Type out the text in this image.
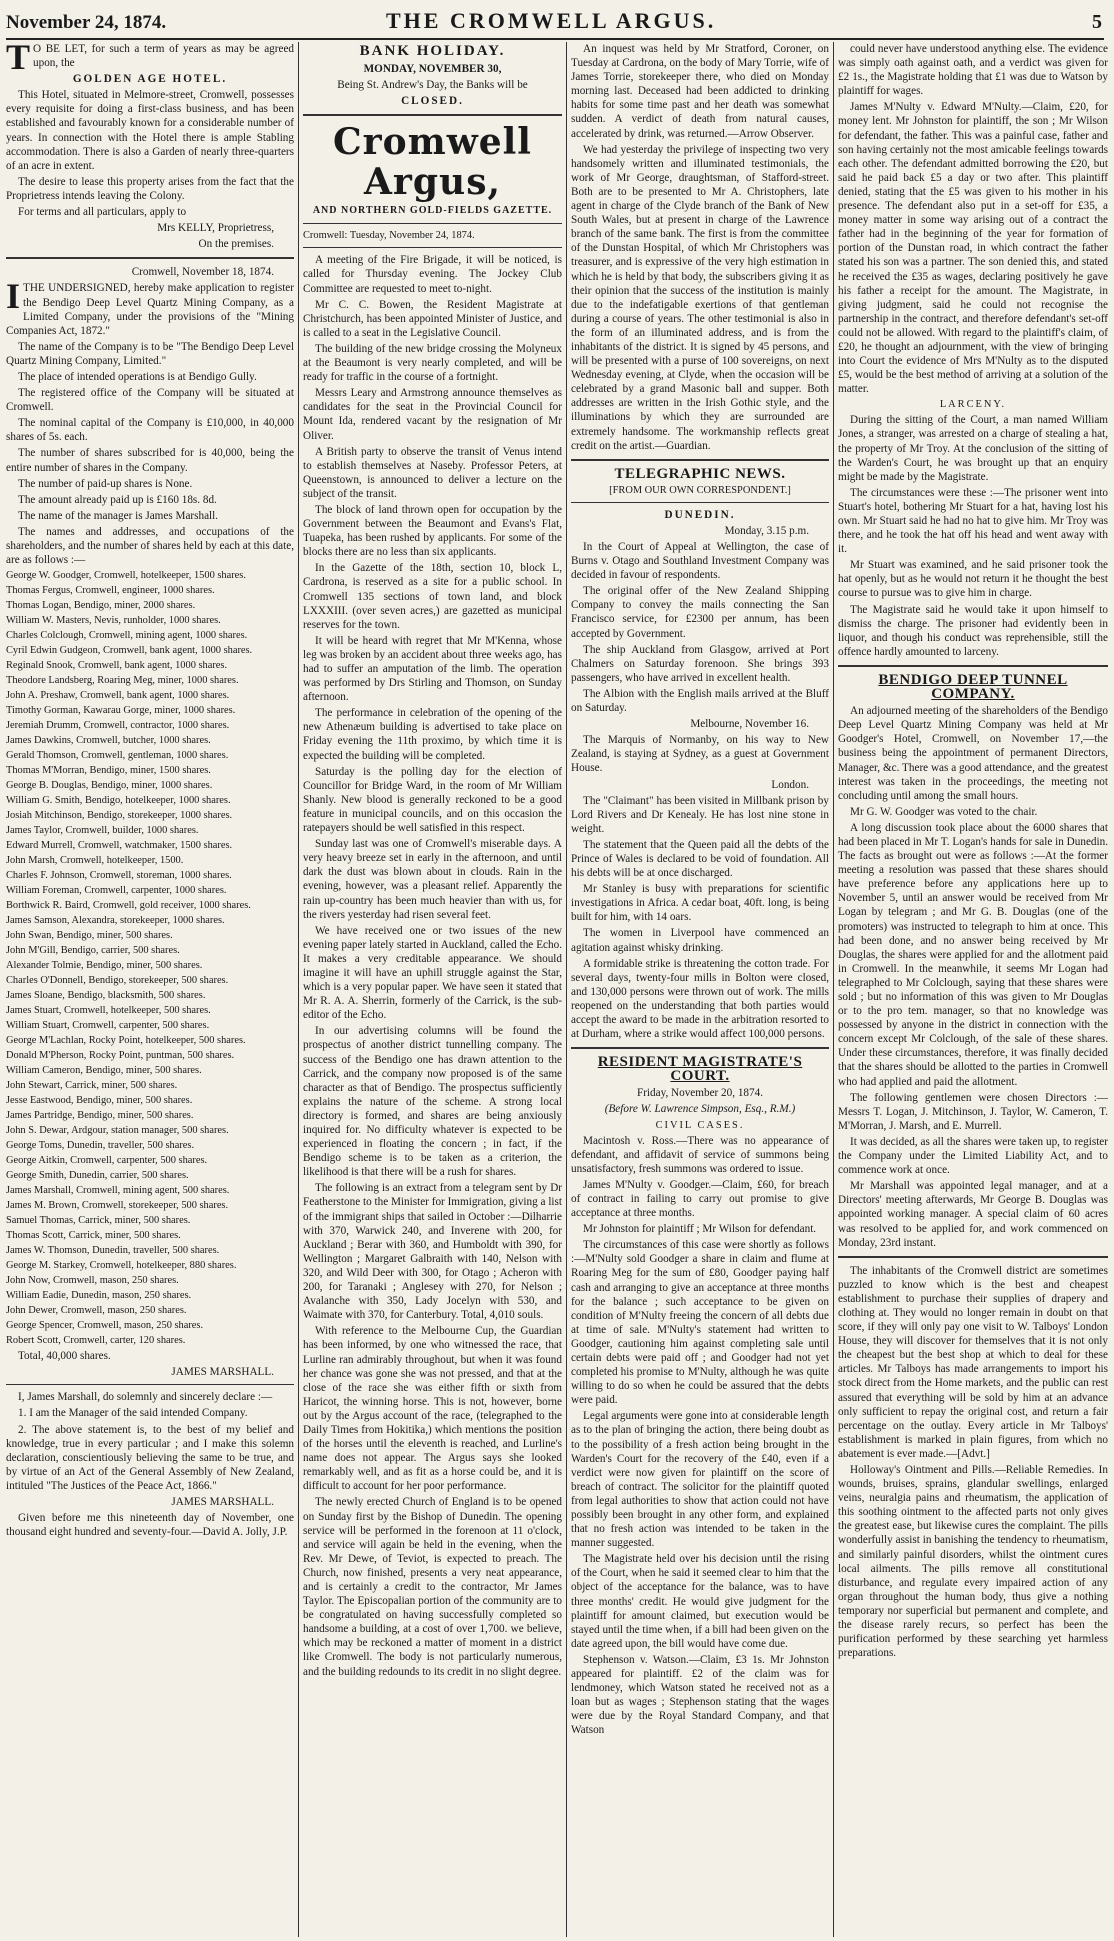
November 24, 1874.	THE CROMWELL ARGUS.	5

T O BE LET, for such a term of years as may be agreed upon, the

GOLDEN AGE HOTEL.

This Hotel, situated in Melmore-street, Cromwell, possesses every requisite for doing a first-class business, and has been established and favourably known for a considerable number of years. In connection with the Hotel there is ample Stabling accommodation. There is also a Garden of nearly three-quarters of an acre in extent.

The desire to lease this property arises from the fact that the Proprietress intends leaving the Colony.

For terms and all particulars, apply to

Mrs KELLY, Proprietress,

On the premises.

Cromwell, November 18, 1874.

ITHE UNDERSIGNED, hereby make application to register the Bendigo Deep Level Quartz Mining Company, as a Limited Company, under the provisions of the "Mining Companies Act, 1872."

The name of the Company is to be "The Bendigo Deep Level Quartz Mining Company, Limited."

The place of intended operations is at Bendigo Gully.

The registered office of the Company will be situated at Cromwell.

The nominal capital of the Company is £10,000, in 40,000 shares of 5s. each.

The number of shares subscribed for is 40,000, being the entire number of shares in the Company.

The number of paid-up shares is None.

The amount already paid up is £160 18s. 8d.

The name of the manager is James Marshall.

The names and addresses, and occupations of the shareholders, and the number of shares held by each at this date, are as follows :—

George W. Goodger, Cromwell, hotelkeeper, 1500 shares.

Thomas Fergus, Cromwell, engineer, 1000 shares.

Thomas Logan, Bendigo, miner, 2000 shares.

William W. Masters, Nevis, runholder, 1000 shares.

Charles Colclough, Cromwell, mining agent, 1000 shares.

Cyril Edwin Gudgeon, Cromwell, bank agent, 1000 shares.

Reginald Snook, Cromwell, bank agent, 1000 shares.

Theodore Landsberg, Roaring Meg, miner, 1000 shares.

John A. Preshaw, Cromwell, bank agent, 1000 shares.

Timothy Gorman, Kawarau Gorge, miner, 1000 shares.

Jeremiah Drumm, Cromwell, contractor, 1000 shares.

James Dawkins, Cromwell, butcher, 1000 shares.

Gerald Thomson, Cromwell, gentleman, 1000 shares.

Thomas M'Morran, Bendigo, miner, 1500 shares.

George B. Douglas, Bendigo, miner, 1000 shares.

William G. Smith, Bendigo, hotelkeeper, 1000 shares.

Josiah Mitchinson, Bendigo, storekeeper, 1000 shares.

James Taylor, Cromwell, builder, 1000 shares.

Edward Murrell, Cromwell, watchmaker, 1500 shares.

John Marsh, Cromwell, hotelkeeper, 1500.

Charles F. Johnson, Cromwell, storeman, 1000 shares.

William Foreman, Cromwell, carpenter, 1000 shares.

Borthwick R. Baird, Cromwell, gold receiver, 1000 shares.

James Samson, Alexandra, storekeeper, 1000 shares.

John Swan, Bendigo, miner, 500 shares.

John M'Gill, Bendigo, carrier, 500 shares.

Alexander Tolmie, Bendigo, miner, 500 shares.

Charles O'Donnell, Bendigo, storekeeper, 500 shares.

James Sloane, Bendigo, blacksmith, 500 shares.

James Stuart, Cromwell, hotelkeeper, 500 shares.

William Stuart, Cromwell, carpenter, 500 shares.

George M'Lachlan, Rocky Point, hotelkeeper, 500 shares.

Donald M'Pherson, Rocky Point, puntman, 500 shares.

William Cameron, Bendigo, miner, 500 shares.

John Stewart, Carrick, miner, 500 shares.

Jesse Eastwood, Bendigo, miner, 500 shares.

James Partridge, Bendigo, miner, 500 shares.

John S. Dewar, Ardgour, station manager, 500 shares.

George Toms, Dunedin, traveller, 500 shares.

George Aitkin, Cromwell, carpenter, 500 shares.

George Smith, Dunedin, carrier, 500 shares.

James Marshall, Cromwell, mining agent, 500 shares.

James M. Brown, Cromwell, storekeeper, 500 shares.

Samuel Thomas, Carrick, miner, 500 shares.

Thomas Scott, Carrick, miner, 500 shares.

James W. Thomson, Dunedin, traveller, 500 shares.

George M. Starkey, Cromwell, hotelkeeper, 880 shares.

John Now, Cromwell, mason, 250 shares.

William Eadie, Dunedin, mason, 250 shares.

John Dewer, Cromwell, mason, 250 shares.

George Spencer, Cromwell, mason, 250 shares.

Robert Scott, Cromwell, carter, 120 shares.

Total, 40,000 shares.

JAMES MARSHALL.

I, James Marshall, do solemnly and sincerely declare :—

1. I am the Manager of the said intended Company.

2. The above statement is, to the best of my belief and knowledge, true in every particular ; and I make this solemn declaration, conscientiously believing the same to be true, and by virtue of an Act of the General Assembly of New Zealand, intituled "The Justices of the Peace Act, 1866."

JAMES MARSHALL.

Given before me this nineteenth day of November, one thousand eight hundred and seventy-four.—David A. Jolly, J.P.

BANK HOLIDAY.

MONDAY, NOVEMBER 30,

Being St. Andrew's Day, the Banks will be

CLOSED.

Cromwell Argus,
AND NORTHERN GOLD-FIELDS GAZETTE.

Cromwell: Tuesday, November 24, 1874.

A meeting of the Fire Brigade, it will be noticed, is called for Thursday evening. The Jockey Club Committee are requested to meet to-night.

Mr C. C. Bowen, the Resident Magistrate at Christchurch, has been appointed Minister of Justice, and is called to a seat in the Legislative Council.

The building of the new bridge crossing the Molyneux at the Beaumont is very nearly completed, and will be ready for traffic in the course of a fortnight.

Messrs Leary and Armstrong announce themselves as candidates for the seat in the Provincial Council for Mount Ida, rendered vacant by the resignation of Mr Oliver.

A British party to observe the transit of Venus intend to establish themselves at Naseby. Professor Peters, at Queenstown, is announced to deliver a lecture on the subject of the transit.

The block of land thrown open for occupation by the Government between the Beaumont and Evans's Flat, Tuapeka, has been rushed by applicants. For some of the blocks there are no less than six applicants.

In the Gazette of the 18th, section 10, block L, Cardrona, is reserved as a site for a public school. In Cromwell 135 sections of town land, and block LXXXIII. (over seven acres,) are gazetted as municipal reserves for the town.

It will be heard with regret that Mr M'Kenna, whose leg was broken by an accident about three weeks ago, has had to suffer an amputation of the limb. The operation was performed by Drs Stirling and Thomson, on Sunday afternoon.

The performance in celebration of the opening of the new Athenæum building is advertised to take place on Friday evening the 11th proximo, by which time it is expected the building will be completed.

Saturday is the polling day for the election of Councillor for Bridge Ward, in the room of Mr William Shanly. New blood is generally reckoned to be a good feature in municipal councils, and on this occasion the ratepayers should be well satisfied in this respect.

Sunday last was one of Cromwell's miserable days. A very heavy breeze set in early in the afternoon, and until dark the dust was blown about in clouds. Rain in the evening, however, was a pleasant relief. Apparently the rain up-country has been much heavier than with us, for the rivers yesterday had risen several feet.

We have received one or two issues of the new evening paper lately started in Auckland, called the Echo. It makes a very creditable appearance. We should imagine it will have an uphill struggle against the Star, which is a very popular paper. We have seen it stated that Mr R. A. A. Sherrin, formerly of the Carrick, is the sub-editor of the Echo.

In our advertising columns will be found the prospectus of another district tunnelling company. The success of the Bendigo one has drawn attention to the Carrick, and the company now proposed is of the same character as that of Bendigo. The prospectus sufficiently explains the nature of the scheme. A strong local directory is formed, and shares are being anxiously inquired for. No difficulty whatever is expected to be experienced in floating the concern ; in fact, if the Bendigo scheme is to be taken as a criterion, the likelihood is that there will be a rush for shares.

The following is an extract from a telegram sent by Dr Featherstone to the Minister for Immigration, giving a list of the immigrant ships that sailed in October :—Dilharrie with 370, Warwick 240, and Inverene with 200, for Auckland ; Berar with 360, and Humboldt with 390, for Wellington ; Margaret Galbraith with 140, Nelson with 320, and Wild Deer with 300, for Otago ; Acheron with 200, for Taranaki ; Anglesey with 270, for Nelson ; Avalanche with 350, Lady Jocelyn with 530, and Waimate with 370, for Canterbury. Total, 4,010 souls.

With reference to the Melbourne Cup, the Guardian has been informed, by one who witnessed the race, that Lurline ran admirably throughout, but when it was found her chance was gone she was not pressed, and that at the close of the race she was either fifth or sixth from Haricot, the winning horse. This is not, however, borne out by the Argus account of the race, (telegraphed to the Daily Times from Hokitika,) which mentions the position of the horses until the eleventh is reached, and Lurline's name does not appear. The Argus says she looked remarkably well, and as fit as a horse could be, and it is difficult to account for her poor performance.

The newly erected Church of England is to be opened on Sunday first by the Bishop of Dunedin. The opening service will be performed in the forenoon at 11 o'clock, and service will again be held in the evening, when the Rev. Mr Dewe, of Teviot, is expected to preach. The Church, now finished, presents a very neat appearance, and is certainly a credit to the contractor, Mr James Taylor. The Episcopalian portion of the community are to be congratulated on having successfully completed so handsome a building, at a cost of over 1,700. we believe, which may be reckoned a matter of moment in a district like Cromwell. The body is not particularly numerous, and the building redounds to its credit in no slight degree.

An inquest was held by Mr Stratford, Coroner, on Tuesday at Cardrona, on the body of Mary Torrie, wife of James Torrie, storekeeper there, who died on Monday morning last. Deceased had been addicted to drinking habits for some time past and her death was somewhat sudden. A verdict of death from natural causes, accelerated by drink, was returned.—Arrow Observer.

We had yesterday the privilege of inspecting two very handsomely written and illuminated testimonials, the work of Mr George, draughtsman, of Stafford-street. Both are to be presented to Mr A. Christophers, late agent in charge of the Clyde branch of the Bank of New South Wales, but at present in charge of the Lawrence branch of the same bank. The first is from the committee of the Dunstan Hospital, of which Mr Christophers was treasurer, and is expressive of the very high estimation in which he is held by that body, the subscribers giving it as their opinion that the success of the institution is mainly due to the indefatigable exertions of that gentleman during a course of years. The other testimonial is also in the form of an illuminated address, and is from the inhabitants of the district. It is signed by 45 persons, and will be presented with a purse of 100 sovereigns, on next Wednesday evening, at Clyde, when the occasion will be celebrated by a grand Masonic ball and supper. Both addresses are written in the Irish Gothic style, and the illuminations by which they are surrounded are extremely handsome. The workmanship reflects great credit on the artist.—Guardian.

TELEGRAPHIC NEWS.

[FROM OUR OWN CORRESPONDENT.]

DUNEDIN.

Monday, 3.15 p.m.

In the Court of Appeal at Wellington, the case of Burns v. Otago and Southland Investment Company was decided in favour of respondents.

The original offer of the New Zealand Shipping Company to convey the mails connecting the San Francisco service, for £2300 per annum, has been accepted by Government.

The ship Auckland from Glasgow, arrived at Port Chalmers on Saturday forenoon. She brings 393 passengers, who have arrived in excellent health.

The Albion with the English mails arrived at the Bluff on Saturday.

Melbourne, November 16.

The Marquis of Normanby, on his way to New Zealand, is staying at Sydney, as a guest at Government House.

London.

The "Claimant" has been visited in Millbank prison by Lord Rivers and Dr Kenealy. He has lost nine stone in weight.

The statement that the Queen paid all the debts of the Prince of Wales is declared to be void of foundation. All his debts will be at once discharged.

Mr Stanley is busy with preparations for scientific investigations in Africa. A cedar boat, 40ft. long, is being built for him, with 14 oars.

The women in Liverpool have commenced an agitation against whisky drinking.

A formidable strike is threatening the cotton trade. For several days, twenty-four mills in Bolton were closed, and 130,000 persons were thrown out of work. The mills reopened on the understanding that both parties would accept the award to be made in the arbitration resorted to at Durham, where a strike would affect 100,000 persons.

RESIDENT MAGISTRATE'S COURT.

Friday, November 20, 1874.

(Before W. Lawrence Simpson, Esq., R.M.)

CIVIL CASES.

Macintosh v. Ross.—There was no appearance of defendant, and affidavit of service of summons being unsatisfactory, fresh summons was ordered to issue.

James M'Nulty v. Goodger.—Claim, £60, for breach of contract in failing to carry out promise to give acceptance at three months.

Mr Johnston for plaintiff ; Mr Wilson for defendant.

The circumstances of this case were shortly as follows :—M'Nulty sold Goodger a share in claim and flume at Roaring Meg for the sum of £80, Goodger paying half cash and arranging to give an acceptance at three months for the balance ; such acceptance to be given on condition of M'Nulty freeing the concern of all debts due at time of sale. M'Nulty's statement had written to Goodger, cautioning him against completing sale until certain debts were paid off ; and Goodger had not yet completed his promise to M'Nulty, although he was quite willing to do so when he could be assured that the debts were paid.

Legal arguments were gone into at considerable length as to the plan of bringing the action, there being doubt as to the possibility of a fresh action being brought in the Warden's Court for the recovery of the £40, even if a verdict were now given for plaintiff on the score of breach of contract. The solicitor for the plaintiff quoted from legal authorities to show that action could not have possibly been brought in any other form, and explained that no fresh action was intended to be taken in the manner suggested.

The Magistrate held over his decision until the rising of the Court, when he said it seemed clear to him that the object of the acceptance for the balance, was to have three months' credit. He would give judgment for the plaintiff for amount claimed, but execution would be stayed until the time when, if a bill had been given on the date agreed upon, the bill would have come due.

Stephenson v. Watson.—Claim, £3 1s. Mr Johnston appeared for plaintiff. £2 of the claim was for lendmoney, which Watson stated he received not as a loan but as wages ; Stephenson stating that the wages were due by the Royal Standard Company, and that Watson

could never have understood anything else. The evidence was simply oath against oath, and a verdict was given for £2 1s., the Magistrate holding that £1 was due to Watson by plaintiff for wages.

James M'Nulty v. Edward M'Nulty.—Claim, £20, for money lent. Mr Johnston for plaintiff, the son ; Mr Wilson for defendant, the father. This was a painful case, father and son having certainly not the most amicable feelings towards each other. The defendant admitted borrowing the £20, but said he paid back £5 a day or two after. This plaintiff denied, stating that the £5 was given to his mother in his presence. The defendant also put in a set-off for £35, a money matter in some way arising out of a contract the father had in the beginning of the year for formation of portion of the Dunstan road, in which contract the father stated his son was a partner. The son denied this, and stated he received the £35 as wages, declaring positively he gave his father a receipt for the amount. The Magistrate, in giving judgment, said he could not recognise the partnership in the contract, and therefore defendant's set-off could not be allowed. With regard to the plaintiff's claim, of £20, he thought an adjournment, with the view of bringing into Court the evidence of Mrs M'Nulty as to the disputed £5, would be the best method of arriving at a solution of the matter.

LARCENY.

During the sitting of the Court, a man named William Jones, a stranger, was arrested on a charge of stealing a hat, the property of Mr Troy. At the conclusion of the sitting of the Warden's Court, he was brought up that an enquiry might be made by the Magistrate.

The circumstances were these :—The prisoner went into Stuart's hotel, bothering Mr Stuart for a hat, having lost his own. Mr Stuart said he had no hat to give him. Mr Troy was there, and he took the hat off his head and went away with it.

Mr Stuart was examined, and he said prisoner took the hat openly, but as he would not return it he thought the best course to pursue was to give him in charge.

The Magistrate said he would take it upon himself to dismiss the charge. The prisoner had evidently been in liquor, and though his conduct was reprehensible, still the offence hardly amounted to larceny.

BENDIGO DEEP TUNNEL COMPANY.

An adjourned meeting of the shareholders of the Bendigo Deep Level Quartz Mining Company was held at Mr Goodger's Hotel, Cromwell, on November 17,—the business being the appointment of permanent Directors, Manager, &c. There was a good attendance, and the greatest interest was taken in the proceedings, the meeting not concluding until among the small hours.

Mr G. W. Goodger was voted to the chair.

A long discussion took place about the 6000 shares that had been placed in Mr T. Logan's hands for sale in Dunedin. The facts as brought out were as follows :—At the former meeting a resolution was passed that these shares should have preference before any applications here up to November 5, until an answer would be received from Mr Logan by telegram ; and Mr G. B. Douglas (one of the promoters) was instructed to telegraph to him at once. This had been done, and no answer being received by Mr Douglas, the shares were applied for and the allotment paid in Cromwell. In the meanwhile, it seems Mr Logan had telegraphed to Mr Colclough, saying that these shares were sold ; but no information of this was given to Mr Douglas or to the pro tem. manager, so that no knowledge was possessed by anyone in the district in connection with the concern except Mr Colclough, of the sale of these shares. Under these circumstances, therefore, it was finally decided that the shares should be allotted to the parties in Cromwell who had applied and paid the allotment.

The following gentlemen were chosen Directors :—Messrs T. Logan, J. Mitchinson, J. Taylor, W. Cameron, T. M'Morran, J. Marsh, and E. Murrell.

It was decided, as all the shares were taken up, to register the Company under the Limited Liability Act, and to commence work at once.

Mr Marshall was appointed legal manager, and at a Directors' meeting afterwards, Mr George B. Douglas was appointed working manager. A special claim of 60 acres was resolved to be applied for, and work commenced on Monday, 23rd instant.

The inhabitants of the Cromwell district are sometimes puzzled to know which is the best and cheapest establishment to purchase their supplies of drapery and clothing at. They would no longer remain in doubt on that score, if they will only pay one visit to W. Talboys' London House, they will discover for themselves that it is not only the cheapest but the best shop at which to deal for these articles. Mr Talboys has made arrangements to import his stock direct from the Home markets, and the public can rest assured that everything will be sold by him at an advance only sufficient to repay the original cost, and return a fair percentage on the outlay. Every article in Mr Talboys' establishment is marked in plain figures, from which no abatement is ever made.—[Advt.]

Holloway's Ointment and Pills.—Reliable Remedies. In wounds, bruises, sprains, glandular swellings, enlarged veins, neuralgia pains and rheumatism, the application of this soothing ointment to the affected parts not only gives the greatest ease, but likewise cures the complaint. The pills wonderfully assist in banishing the tendency to rheumatism, and similarly painful disorders, whilst the ointment cures local ailments. The pills remove all constitutional disturbance, and regulate every impaired action of any organ throughout the human body, thus give a nothing temporary nor superficial but permanent and complete, and the disease rarely recurs, so perfect has been the purification performed by these searching yet harmless preparations.
